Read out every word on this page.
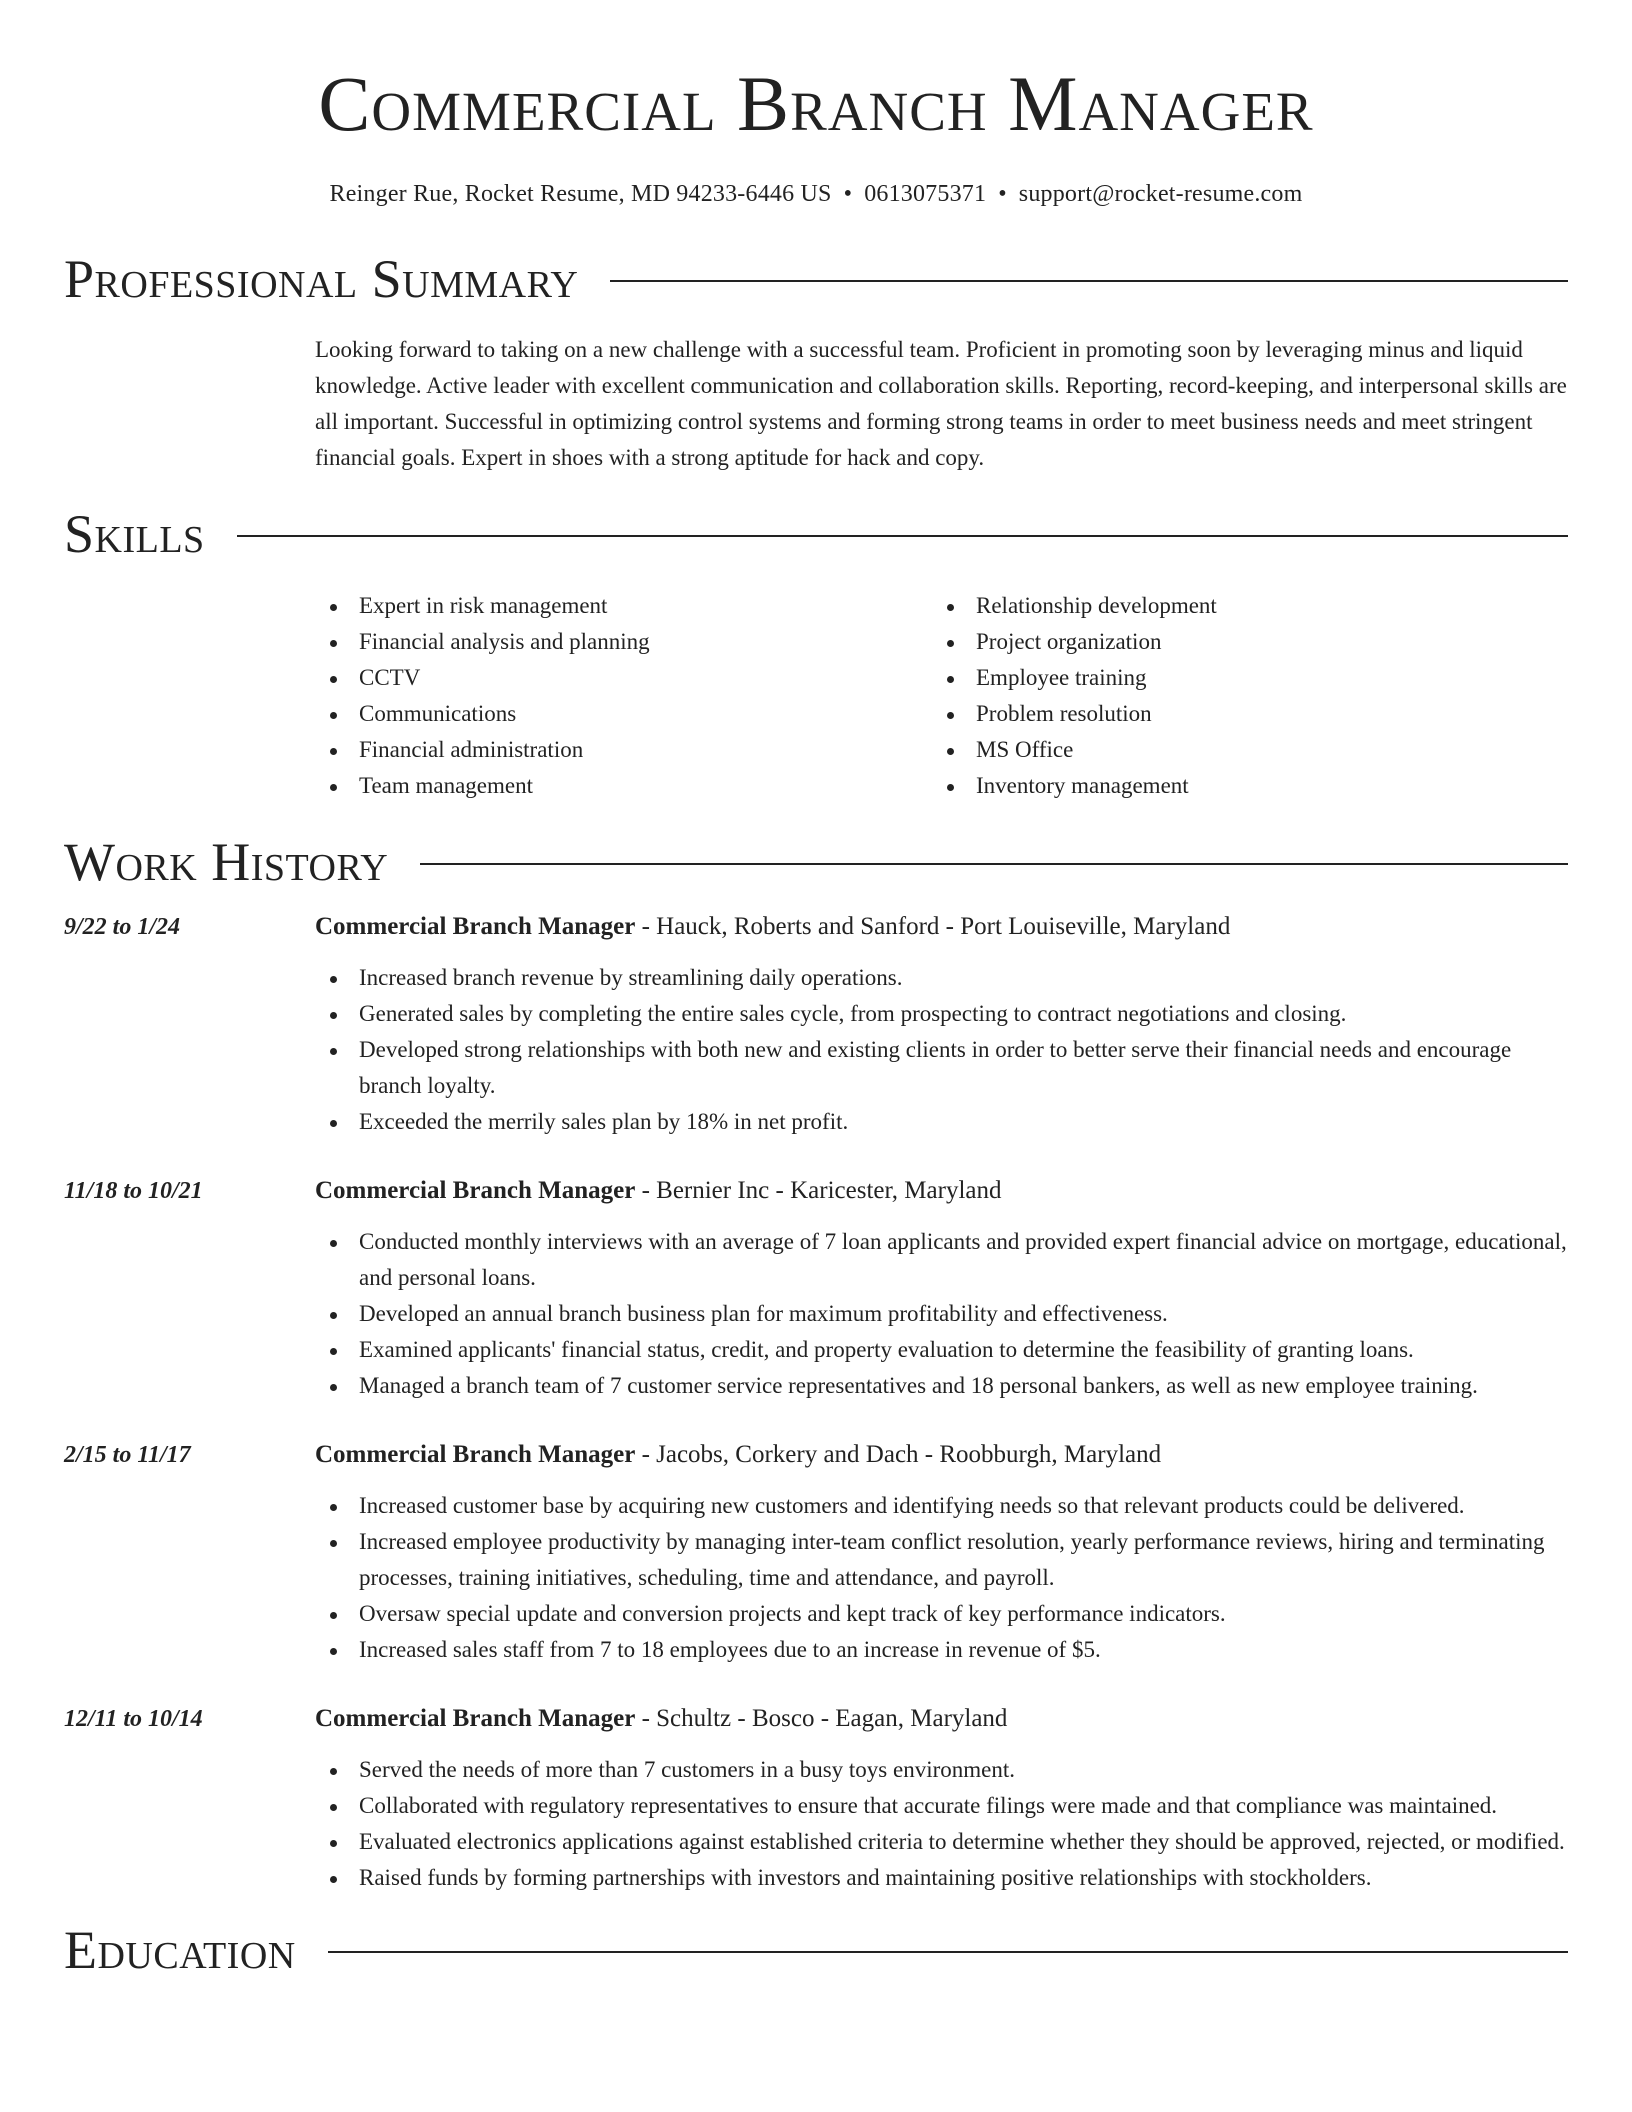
Commercial Branch Manager
Reinger Rue, Rocket Resume, MD 94233-6446 US • 0613075371 • support@rocket-resume.com
Professional Summary

Looking forward to taking on a new challenge with a successful team. Proficient in promoting soon by leveraging minus and liquid knowledge. Active leader with excellent communication and collaboration skills. Reporting, record-keeping, and interpersonal skills are all important. Successful in optimizing control systems and forming strong teams in order to meet business needs and meet stringent financial goals. Expert in shoes with a strong aptitude for hack and copy.

Skills
Expert in risk management
Financial analysis and planning
CCTV
Communications
Financial administration
Team management
Relationship development
Project organization
Employee training
Problem resolution
MS Office
Inventory management
Work History
9/22 to 1/24	Commercial Branch Manager - Hauck, Roberts and Sanford - Port Louiseville, Maryland

Increased branch revenue by streamlining daily operations.
Generated sales by completing the entire sales cycle, from prospecting to contract negotiations and closing.
Developed strong relationships with both new and existing clients in order to better serve their financial needs and encourage branch loyalty.
Exceeded the merrily sales plan by 18% in net profit.
11/18 to 10/21	Commercial Branch Manager - Bernier Inc - Karicester, Maryland

Conducted monthly interviews with an average of 7 loan applicants and provided expert financial advice on mortgage, educational, and personal loans.
Developed an annual branch business plan for maximum profitability and effectiveness.
Examined applicants' financial status, credit, and property evaluation to determine the feasibility of granting loans.
Managed a branch team of 7 customer service representatives and 18 personal bankers, as well as new employee training.
2/15 to 11/17	Commercial Branch Manager - Jacobs, Corkery and Dach - Roobburgh, Maryland

Increased customer base by acquiring new customers and identifying needs so that relevant products could be delivered.
Increased employee productivity by managing inter-team conflict resolution, yearly performance reviews, hiring and terminating processes, training initiatives, scheduling, time and attendance, and payroll.
Oversaw special update and conversion projects and kept track of key performance indicators.
Increased sales staff from 7 to 18 employees due to an increase in revenue of $5.
12/11 to 10/14	Commercial Branch Manager - Schultz - Bosco - Eagan, Maryland

Served the needs of more than 7 customers in a busy toys environment.
Collaborated with regulatory representatives to ensure that accurate filings were made and that compliance was maintained.
Evaluated electronics applications against established criteria to determine whether they should be approved, rejected, or modified.
Raised funds by forming partnerships with investors and maintaining positive relationships with stockholders.
Education
